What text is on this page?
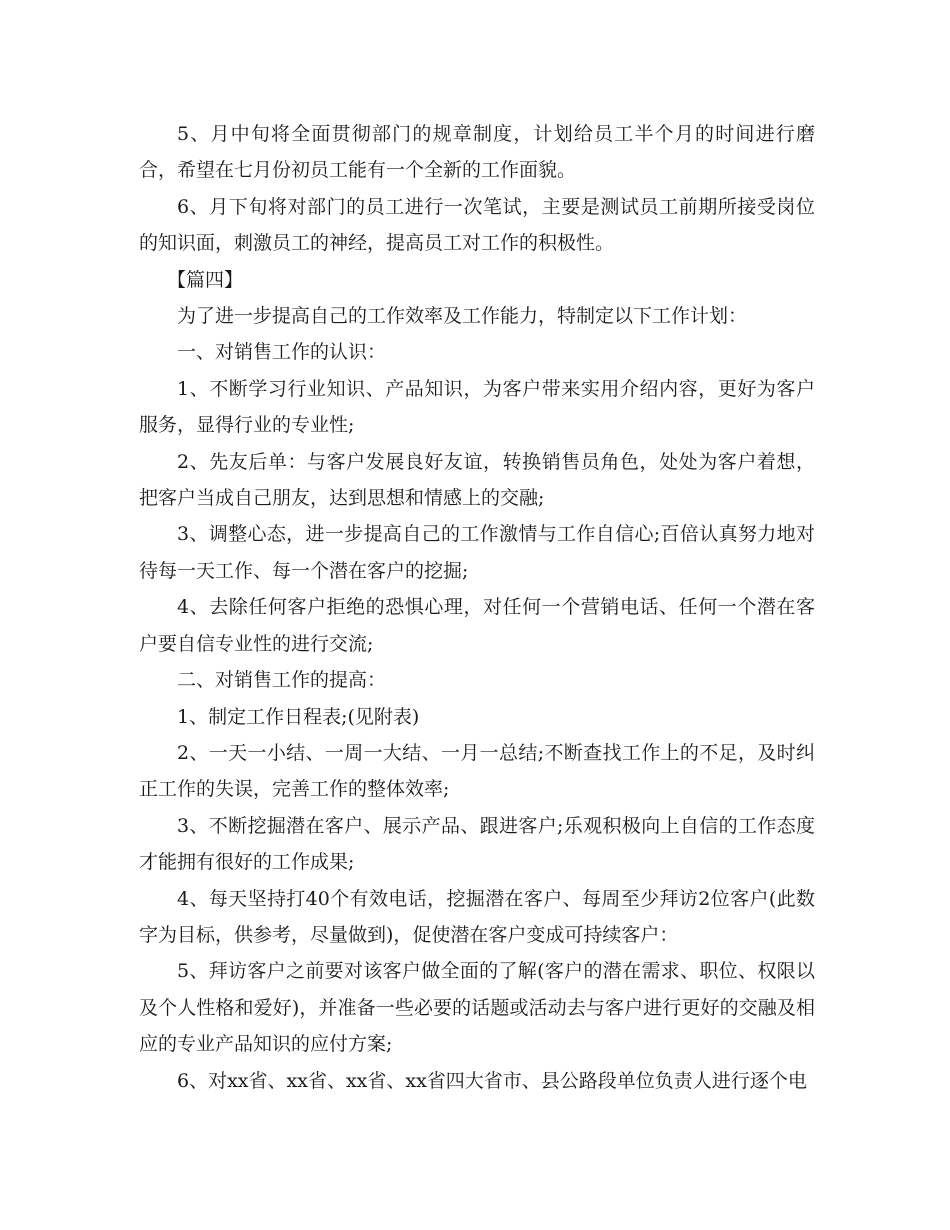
5、月中旬将全面贯彻部门的规章制度，计划给员工半个月的时间进行磨合，希望在七月份初员工能有一个全新的工作面貌。

6、月下旬将对部门的员工进行一次笔试，主要是测试员工前期所接受岗位的知识面，刺激员工的神经，提高员工对工作的积极性。

【篇四】

为了进一步提高自己的工作效率及工作能力，特制定以下工作计划：

一、对销售工作的认识：

1、不断学习行业知识、产品知识，为客户带来实用介绍内容，更好为客户服务，显得行业的专业性;

2、先友后单：与客户发展良好友谊，转换销售员角色，处处为客户着想，把客户当成自己朋友，达到思想和情感上的交融;

3、调整心态，进一步提高自己的工作激情与工作自信心;百倍认真努力地对待每一天工作、每一个潜在客户的挖掘;

4、去除任何客户拒绝的恐惧心理，对任何一个营销电话、任何一个潜在客户要自信专业性的进行交流;

二、对销售工作的提高：

1、制定工作日程表;(见附表)

2、一天一小结、一周一大结、一月一总结;不断查找工作上的不足，及时纠正工作的失误，完善工作的整体效率;

3、不断挖掘潜在客户、展示产品、跟进客户;乐观积极向上自信的工作态度才能拥有很好的工作成果;

4、每天坚持打40个有效电话，挖掘潜在客户、每周至少拜访2位客户(此数字为目标，供参考，尽量做到)，促使潜在客户变成可持续客户：

5、拜访客户之前要对该客户做全面的了解(客户的潜在需求、职位、权限以及个人性格和爱好)，并准备一些必要的话题或活动去与客户进行更好的交融及相应的专业产品知识的应付方案;

6、对xx省、xx省、xx省、xx省四大省市、县公路段单位负责人进行逐个电
